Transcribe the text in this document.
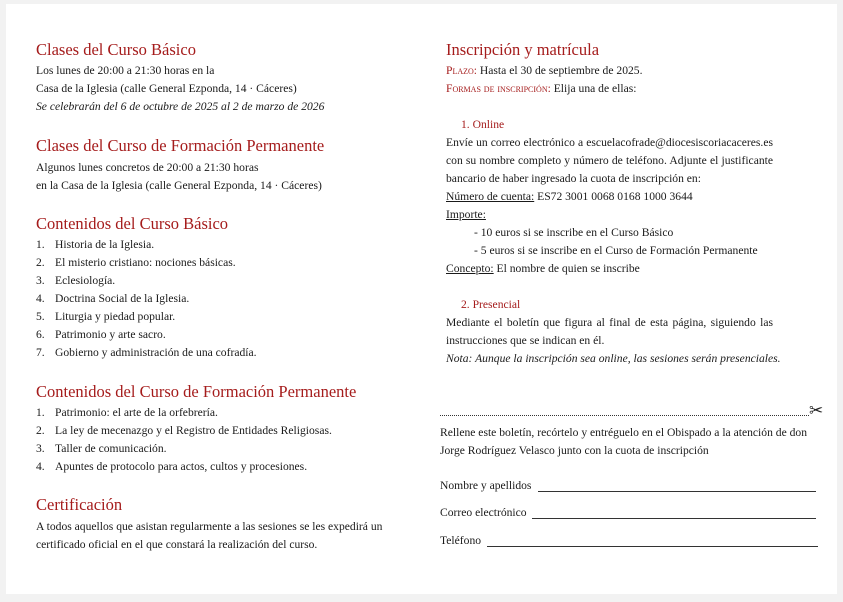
Clases del Curso Básico

Los lunes de 20:00 a 21:30 horas en la

Casa de la Iglesia (calle General Ezponda, 14 · Cáceres)

Se celebrarán del 6 de octubre de 2025 al 2 de marzo de 2026

Clases del Curso de Formación Permanente

Algunos lunes concretos de 20:00 a 21:30 horas

en la Casa de la Iglesia (calle General Ezponda, 14 · Cáceres)

Contenidos del Curso Básico

1. Historia de la Iglesia.

2. El misterio cristiano: nociones básicas.

3. Eclesiología.

4. Doctrina Social de la Iglesia.

5. Liturgia y piedad popular.

6. Patrimonio y arte sacro.

7. Gobierno y administración de una cofradía.

Contenidos del Curso de Formación Permanente

1. Patrimonio: el arte de la orfebrería.

2. La ley de mecenazgo y el Registro de Entidades Religiosas.

3. Taller de comunicación.

4. Apuntes de protocolo para actos, cultos y procesiones.

Certificación

A todos aquellos que asistan regularmente a las sesiones se les expedirá un

certificado oficial en el que constará la realización del curso.

Inscripción y matrícula

Plazo: Hasta el 30 de septiembre de 2025.

Formas de inscripción: Elija una de ellas:

1. Online

Envíe un correo electrónico a escuelacofrade@diocesiscoriacaceres.es

con su nombre completo y número de teléfono. Adjunte el justificante

bancario de haber ingresado la cuota de inscripción en:

Número de cuenta: ES72 3001 0068 0168 1000 3644

Importe:

- 10 euros si se inscribe en el Curso Básico

- 5 euros si se inscribe en el Curso de Formación Permanente

Concepto: El nombre de quien se inscribe

2. Presencial

Mediante el boletín que figura al final de esta página, siguiendo las

instrucciones que se indican en él.

Nota: Aunque la inscripción sea online, las sesiones serán presenciales.

✂

Rellene este boletín, recórtelo y entréguelo en el Obispado a la atención de don

Jorge Rodríguez Velasco junto con la cuota de inscripción

Nombre y apellidos

Correo electrónico

Teléfono
